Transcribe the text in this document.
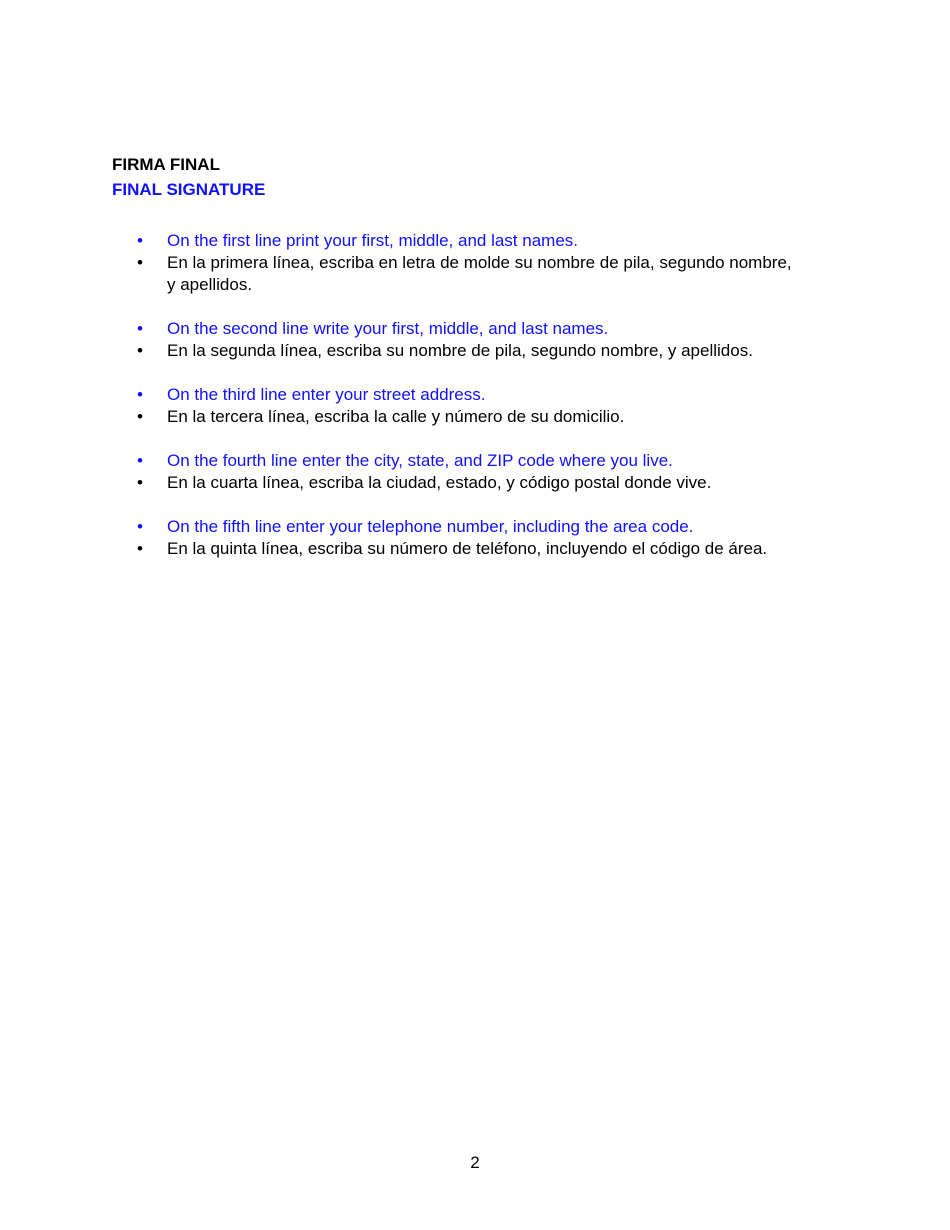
FIRMA FINAL
FINAL SIGNATURE
•	On the first line print your first, middle, and last names.
•	En la primera línea, escriba en letra de molde su nombre de pila, segundo nombre, y apellidos.
•	On the second line write your first, middle, and last names.
•	En la segunda línea, escriba su nombre de pila, segundo nombre, y apellidos.
•	On the third line enter your street address.
•	En la tercera línea, escriba la calle y número de su domicilio.
•	On the fourth line enter the city, state, and ZIP code where you live.
•	En la cuarta línea, escriba la ciudad, estado, y código postal donde vive.
•	On the fifth line enter your telephone number, including the area code.
•	En la quinta línea, escriba su número de teléfono, incluyendo el código de área.
2
